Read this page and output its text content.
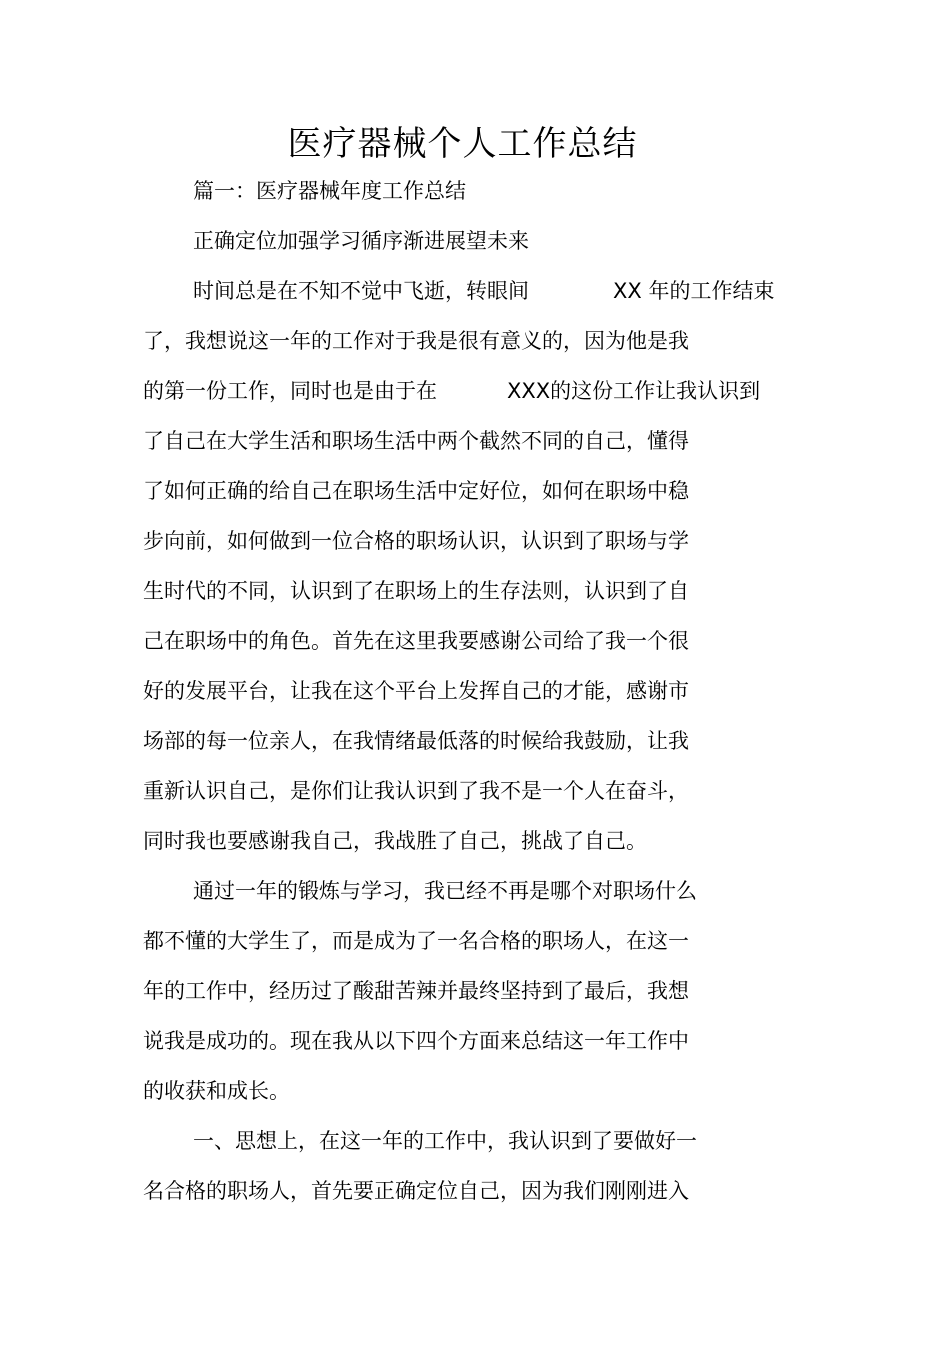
医疗器械个人工作总结
篇一：医疗器械年度工作总结
正确定位加强学习循序渐进展望未来
时间总是在不知不觉中飞逝，转眼间	XX 年的工作结束
了，我想说这一年的工作对于我是很有意义的，因为他是我
的第一份工作，同时也是由于在	XXX的这份工作让我认识到
了自己在大学生活和职场生活中两个截然不同的自己，懂得
了如何正确的给自己在职场生活中定好位，如何在职场中稳
步向前，如何做到一位合格的职场认识，认识到了职场与学
生时代的不同，认识到了在职场上的生存法则，认识到了自
己在职场中的角色。首先在这里我要感谢公司给了我一个很
好的发展平台，让我在这个平台上发挥自己的才能，感谢市
场部的每一位亲人，在我情绪最低落的时候给我鼓励，让我
重新认识自己，是你们让我认识到了我不是一个人在奋斗，
同时我也要感谢我自己，我战胜了自己，挑战了自己。
通过一年的锻炼与学习，我已经不再是哪个对职场什么
都不懂的大学生了，而是成为了一名合格的职场人，在这一
年的工作中，经历过了酸甜苦辣并最终坚持到了最后，我想
说我是成功的。现在我从以下四个方面来总结这一年工作中
的收获和成长。
一、思想上，在这一年的工作中，我认识到了要做好一
名合格的职场人，首先要正确定位自己，因为我们刚刚进入
